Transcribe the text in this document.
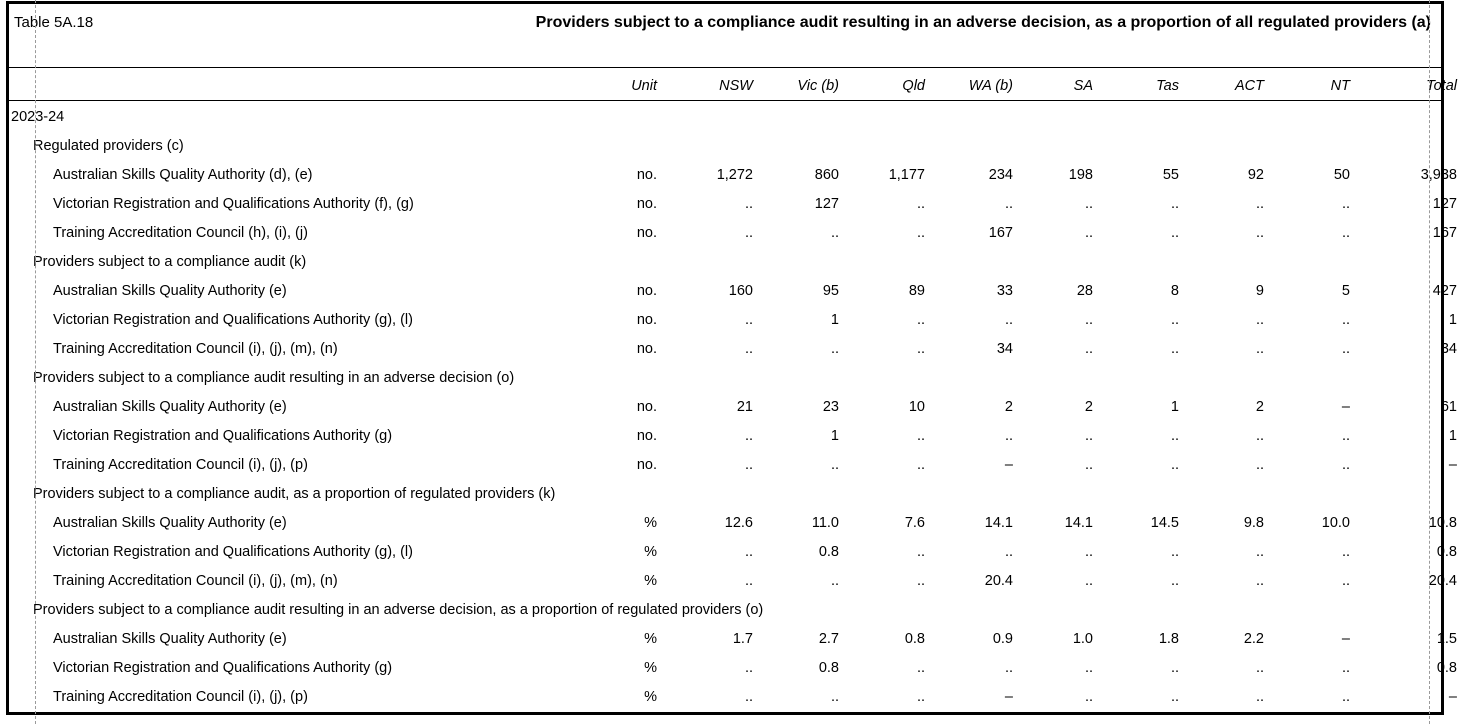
Table 5A.18	Providers subject to a compliance audit resulting in an adverse decision, as a proportion of all regulated providers (a)
	Unit	NSW	Vic (b)	Qld	WA (b)	SA	Tas	ACT	NT	Total
2023-24										
Regulated providers (c)										
Australian Skills Quality Authority (d), (e)	no.	1,272	860	1,177	234	198	55	92	50	3,938
Victorian Registration and Qualifications Authority (f), (g)	no.	..	127	..	..	..	..	..	..	127
Training Accreditation Council (h), (i), (j)	no.	..	..	..	167	..	..	..	..	167
Providers subject to a compliance audit (k)										
Australian Skills Quality Authority (e)	no.	160	95	89	33	28	8	9	5	427
Victorian Registration and Qualifications Authority (g), (l)	no.	..	1	..	..	..	..	..	..	1
Training Accreditation Council (i), (j), (m), (n)	no.	..	..	..	34	..	..	..	..	34
Providers subject to a compliance audit resulting in an adverse decision (o)										
Australian Skills Quality Authority (e)	no.	21	23	10	2	2	1	2	–	61
Victorian Registration and Qualifications Authority (g)	no.	..	1	..	..	..	..	..	..	1
Training Accreditation Council (i), (j), (p)	no.	..	..	..	–	..	..	..	..	–
Providers subject to a compliance audit, as a proportion of regulated providers (k)										
Australian Skills Quality Authority (e)	%	12.6	11.0	7.6	14.1	14.1	14.5	9.8	10.0	10.8
Victorian Registration and Qualifications Authority (g), (l)	%	..	0.8	..	..	..	..	..	..	0.8
Training Accreditation Council (i), (j), (m), (n)	%	..	..	..	20.4	..	..	..	..	20.4
Providers subject to a compliance audit resulting in an adverse decision, as a proportion of regulated providers (o)										
Australian Skills Quality Authority (e)	%	1.7	2.7	0.8	0.9	1.0	1.8	2.2	–	1.5
Victorian Registration and Qualifications Authority (g)	%	..	0.8	..	..	..	..	..	..	0.8
Training Accreditation Council (i), (j), (p)	%	..	..	..	–	..	..	..	..	–
